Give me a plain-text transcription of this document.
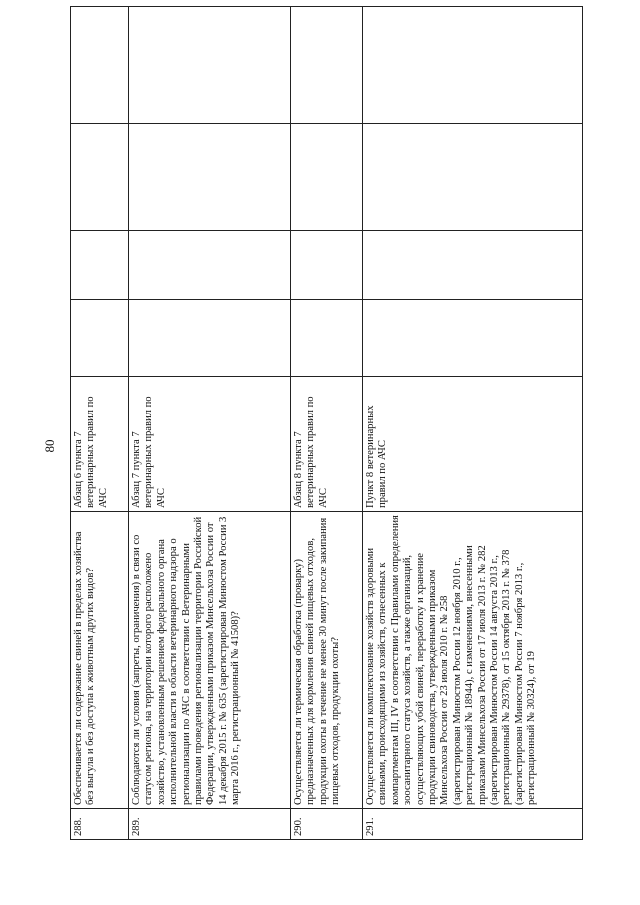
80
288.	Обеспечивается ли содержание свиней в пределах хозяйства без выгула и без доступа к животным других видов?	Абзац 6 пункта 7 ветеринарных правил по АЧС				
289.	Соблюдаются ли условия (запреты, ограничения) в связи со статусом региона, на территории которого расположено хозяйство, установленным решением федерального органа исполнительной власти в области ветеринарного надзора о регионализации по АЧС в соответствии с Ветеринарными правилами проведения регионализации территории Российской Федерации, утвержденными приказом Минсельхоза России от 14 декабря 2015 г. № 635 (зарегистрирован Минюстом России 3 марта 2016 г., регистрационный № 41508)?	Абзац 7 пункта 7 ветеринарных правил по АЧС				
290.	Осуществляется ли термическая обработка (проварку) предназначенных для кормления свиней пищевых отходов, продукции охоты в течение не менее 30 минут после закипания пищевых отходов, продукции охоты?	Абзац 8 пункта 7 ветеринарных правил по АЧС				
291.	Осуществляется ли комплектование хозяйств здоровыми свиньями, происходящими из хозяйств, отнесенных к компартментам III, IV в соответствии с Правилами определения зоосанитарного статуса хозяйств, а также организаций, осуществляющих убой свиней, переработку и хранение продукции свиноводства, утвержденными приказом Минсельхоза России от 23 июля 2010 г. № 258 (зарегистрирован Минюстом России 12 ноября 2010 г., регистрационный № 18944), с изменениями, внесенными приказами Минсельхоза России от 17 июля 2013 г. № 282 (зарегистрирован Минюстом России 14 августа 2013 г., регистрационный № 29378), от 15 октября 2013 г. № 378 (зарегистрирован Минюстом России 7 ноября 2013 г., регистрационный № 30324), от 19	Пункт 8 ветеринарных правил по АЧС				
